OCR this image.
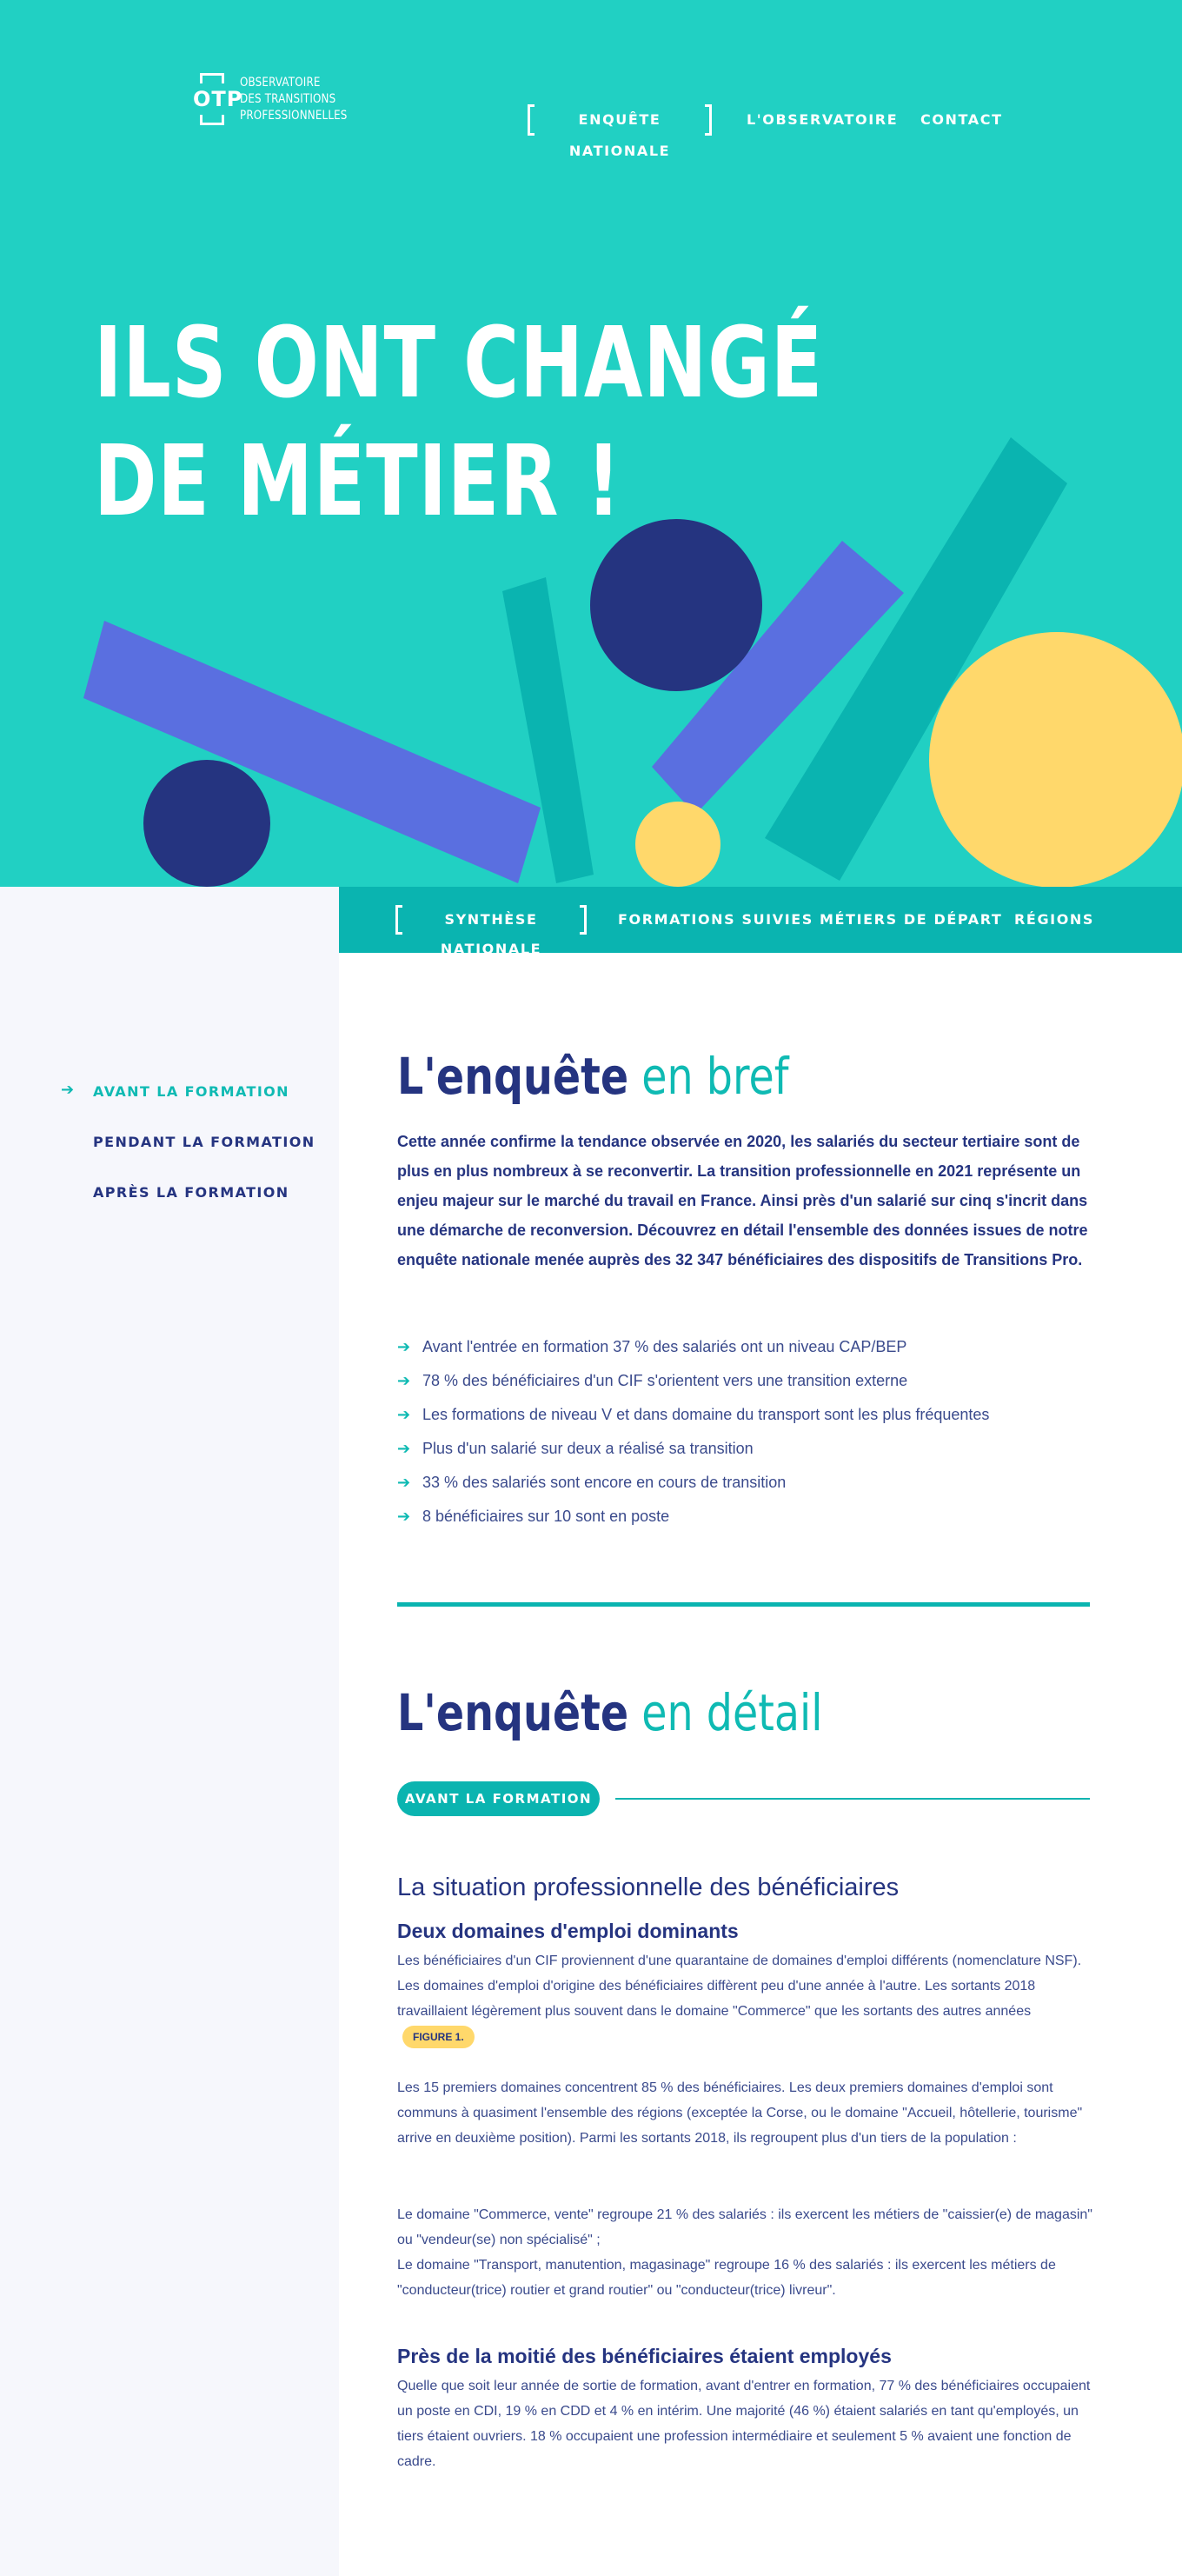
OTP
OBSERVATOIRE
DES TRANSITIONS
PROFESSIONNELLES	ENQUÊTE NATIONALE
L'OBSERVATOIRE CONTACT
ILS ONT CHANGÉ
DE MÉTIER !
➔ AVANT LA FORMATION
PENDANT LA FORMATION
APRÈS LA FORMATION
SYNTHÈSE NATIONALE
FORMATIONS SUIVIES MÉTIERS DE DÉPART RÉGIONS
L'enquête en bref

Cette année confirme la tendance observée en 2020, les salariés du secteur tertiaire sont de plus en plus nombreux à se reconvertir. La transition professionnelle en 2021 représente un enjeu majeur sur le marché du travail en France. Ainsi près d'un salarié sur cinq s'incrit dans une démarche de reconversion. Découvrez en détail l'ensemble des données issues de notre enquête nationale menée auprès des 32 347 bénéficiaires des dispositifs de Transitions Pro.

➔ Avant l'entrée en formation 37 % des salariés ont un niveau CAP/BEP
➔ 78 % des bénéficiaires d'un CIF s'orientent vers une transition externe
➔ Les formations de niveau V et dans domaine du transport sont les plus fréquentes
➔ Plus d'un salarié sur deux a réalisé sa transition
➔ 33 % des salariés sont encore en cours de transition
➔ 8 bénéficiaires sur 10 sont en poste
L'enquête en détail
AVANT LA FORMATION
La situation professionnelle des bénéficiaires
Deux domaines d'emploi dominants

Les bénéficiaires d'un CIF proviennent d'une quarantaine de domaines d'emploi différents (nomenclature NSF). Les domaines d'emploi d'origine des bénéficiaires diffèrent peu d'une année à l'autre. Les sortants 2018 travaillaient légèrement plus souvent dans le domaine "Commerce" que les sortants des autres annéesFIGURE 1.

Les 15 premiers domaines concentrent 85 % des bénéficiaires. Les deux premiers domaines d'emploi sont communs à quasiment l'ensemble des régions (exceptée la Corse, ou le domaine "Accueil, hôtellerie, tourisme" arrive en deuxième position). Parmi les sortants 2018, ils regroupent plus d'un tiers de la population :

Le domaine "Commerce, vente" regroupe 21 % des salariés : ils exercent les métiers de "caissier(e) de magasin" ou "vendeur(se) non spécialisé" ;
Le domaine "Transport, manutention, magasinage" regroupe 16 % des salariés : ils exercent les métiers de "conducteur(trice) routier et grand routier" ou "conducteur(trice) livreur".

Près de la moitié des bénéficiaires étaient employés

Quelle que soit leur année de sortie de formation, avant d'entrer en formation, 77 % des bénéficiaires occupaient un poste en CDI, 19 % en CDD et 4 % en intérim. Une majorité (46 %) étaient salariés en tant qu'employés, un tiers étaient ouvriers. 18 % occupaient une profession intermédiaire et seulement 5 % avaient une fonction de cadre.
